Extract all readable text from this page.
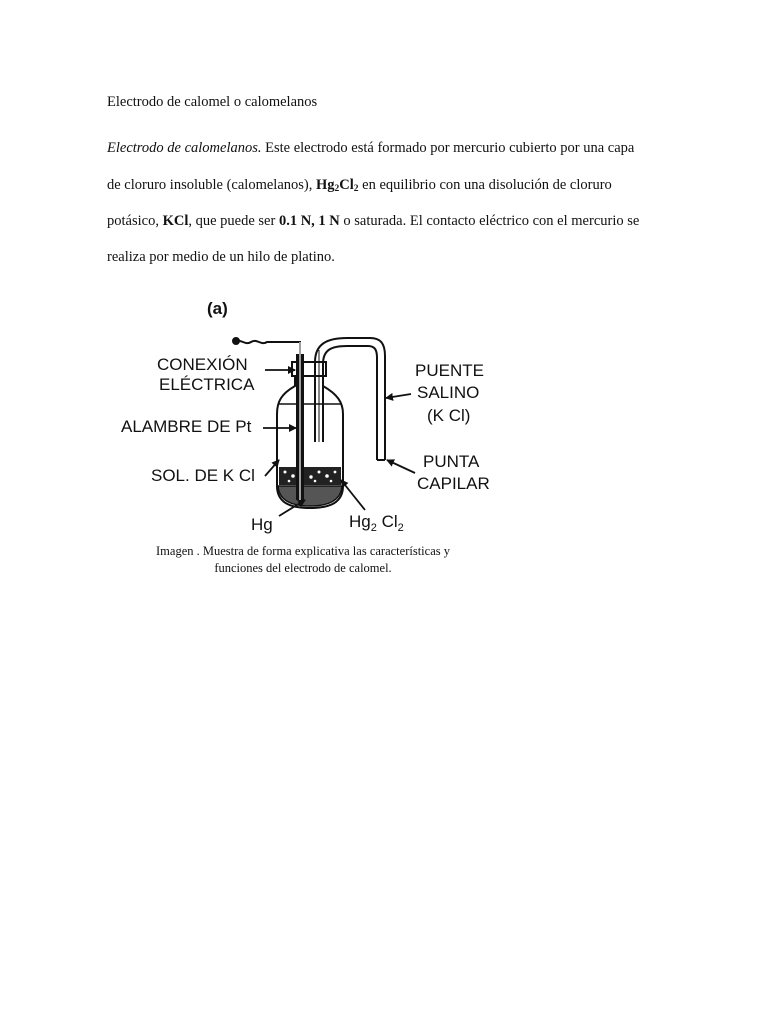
Electrodo de calomel o calomelanos
Electrodo de calomelanos. Este electrodo está formado por mercurio cubierto por una capa
de cloruro insoluble (calomelanos), $Hg_2Cl_2$ en equilibrio con una disolución de cloruro
potásico, KCl, que puede ser 0.1 N, 1 N o saturada. El contacto eléctrico con el mercurio se
realiza por medio de un hilo de platino.
(a)
CONEXIÓN
ELÉCTRICA
ALAMBRE DE Pt
SOL. DE K Cl
Hg	$Hg_2$ $Cl_2$
PUENTE
SALINO
(K Cl)
PUNTA
CAPILAR
Imagen . Muestra de forma explicativa las características y
funciones del electrodo de calomel.
